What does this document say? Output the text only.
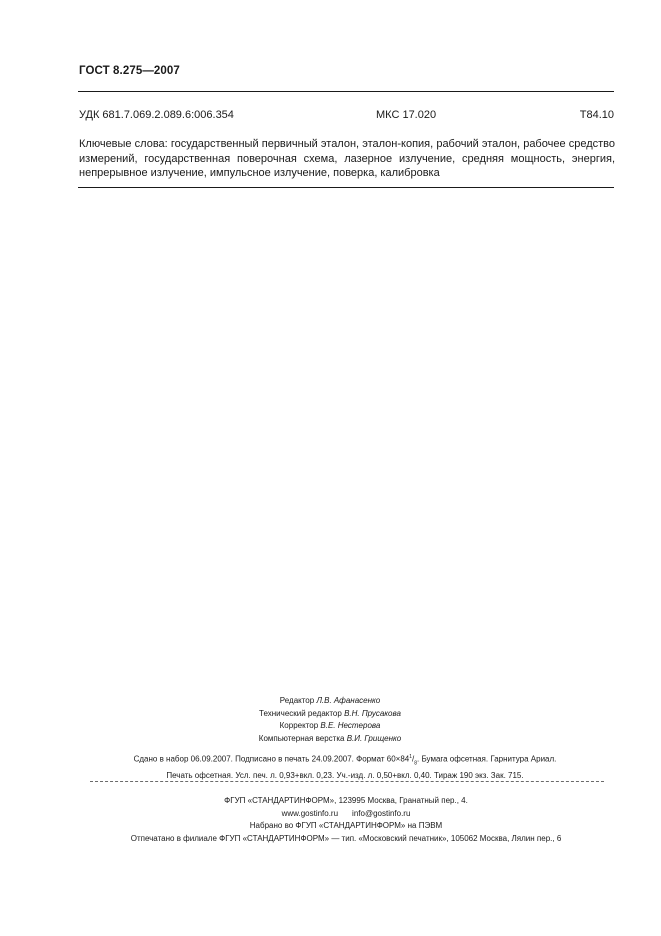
ГОСТ 8.275—2007
УДК 681.7.069.2.089.6:006.354	МКС 17.020	Т84.10
Ключевые слова: государственный первичный эталон, эталон-копия, рабочий эталон, рабочее средство измерений, государственная поверочная схема, лазерное излучение, средняя мощность, энергия, непрерывное излучение, импульсное излучение, поверка, калибровка
Редактор Л.В. Афанасенко
Технический редактор В.Н. Прусакова
Корректор В.Е. Нестерова
Компьютерная верстка В.И. Грищенко
Сдано в набор 06.09.2007. Подписано в печать 24.09.2007. Формат $60\times 84^1/_8$. Бумага офсетная. Гарнитура Ариал.
Печать офсетная. Усл. печ. л. 0,93+вкл. 0,23. Уч.-изд. л. 0,50+вкл. 0,40. Тираж 190 экз. Зак. 715.
ФГУП «СТАНДАРТИНФОРМ», 123995 Москва, Гранатный пер., 4.
www.gostinfo.ru info@gostinfo.ru
Набрано во ФГУП «СТАНДАРТИНФОРМ» на ПЭВМ
Отпечатано в филиале ФГУП «СТАНДАРТИНФОРМ» — тип. «Московский печатник», 105062 Москва, Лялин пер., 6
